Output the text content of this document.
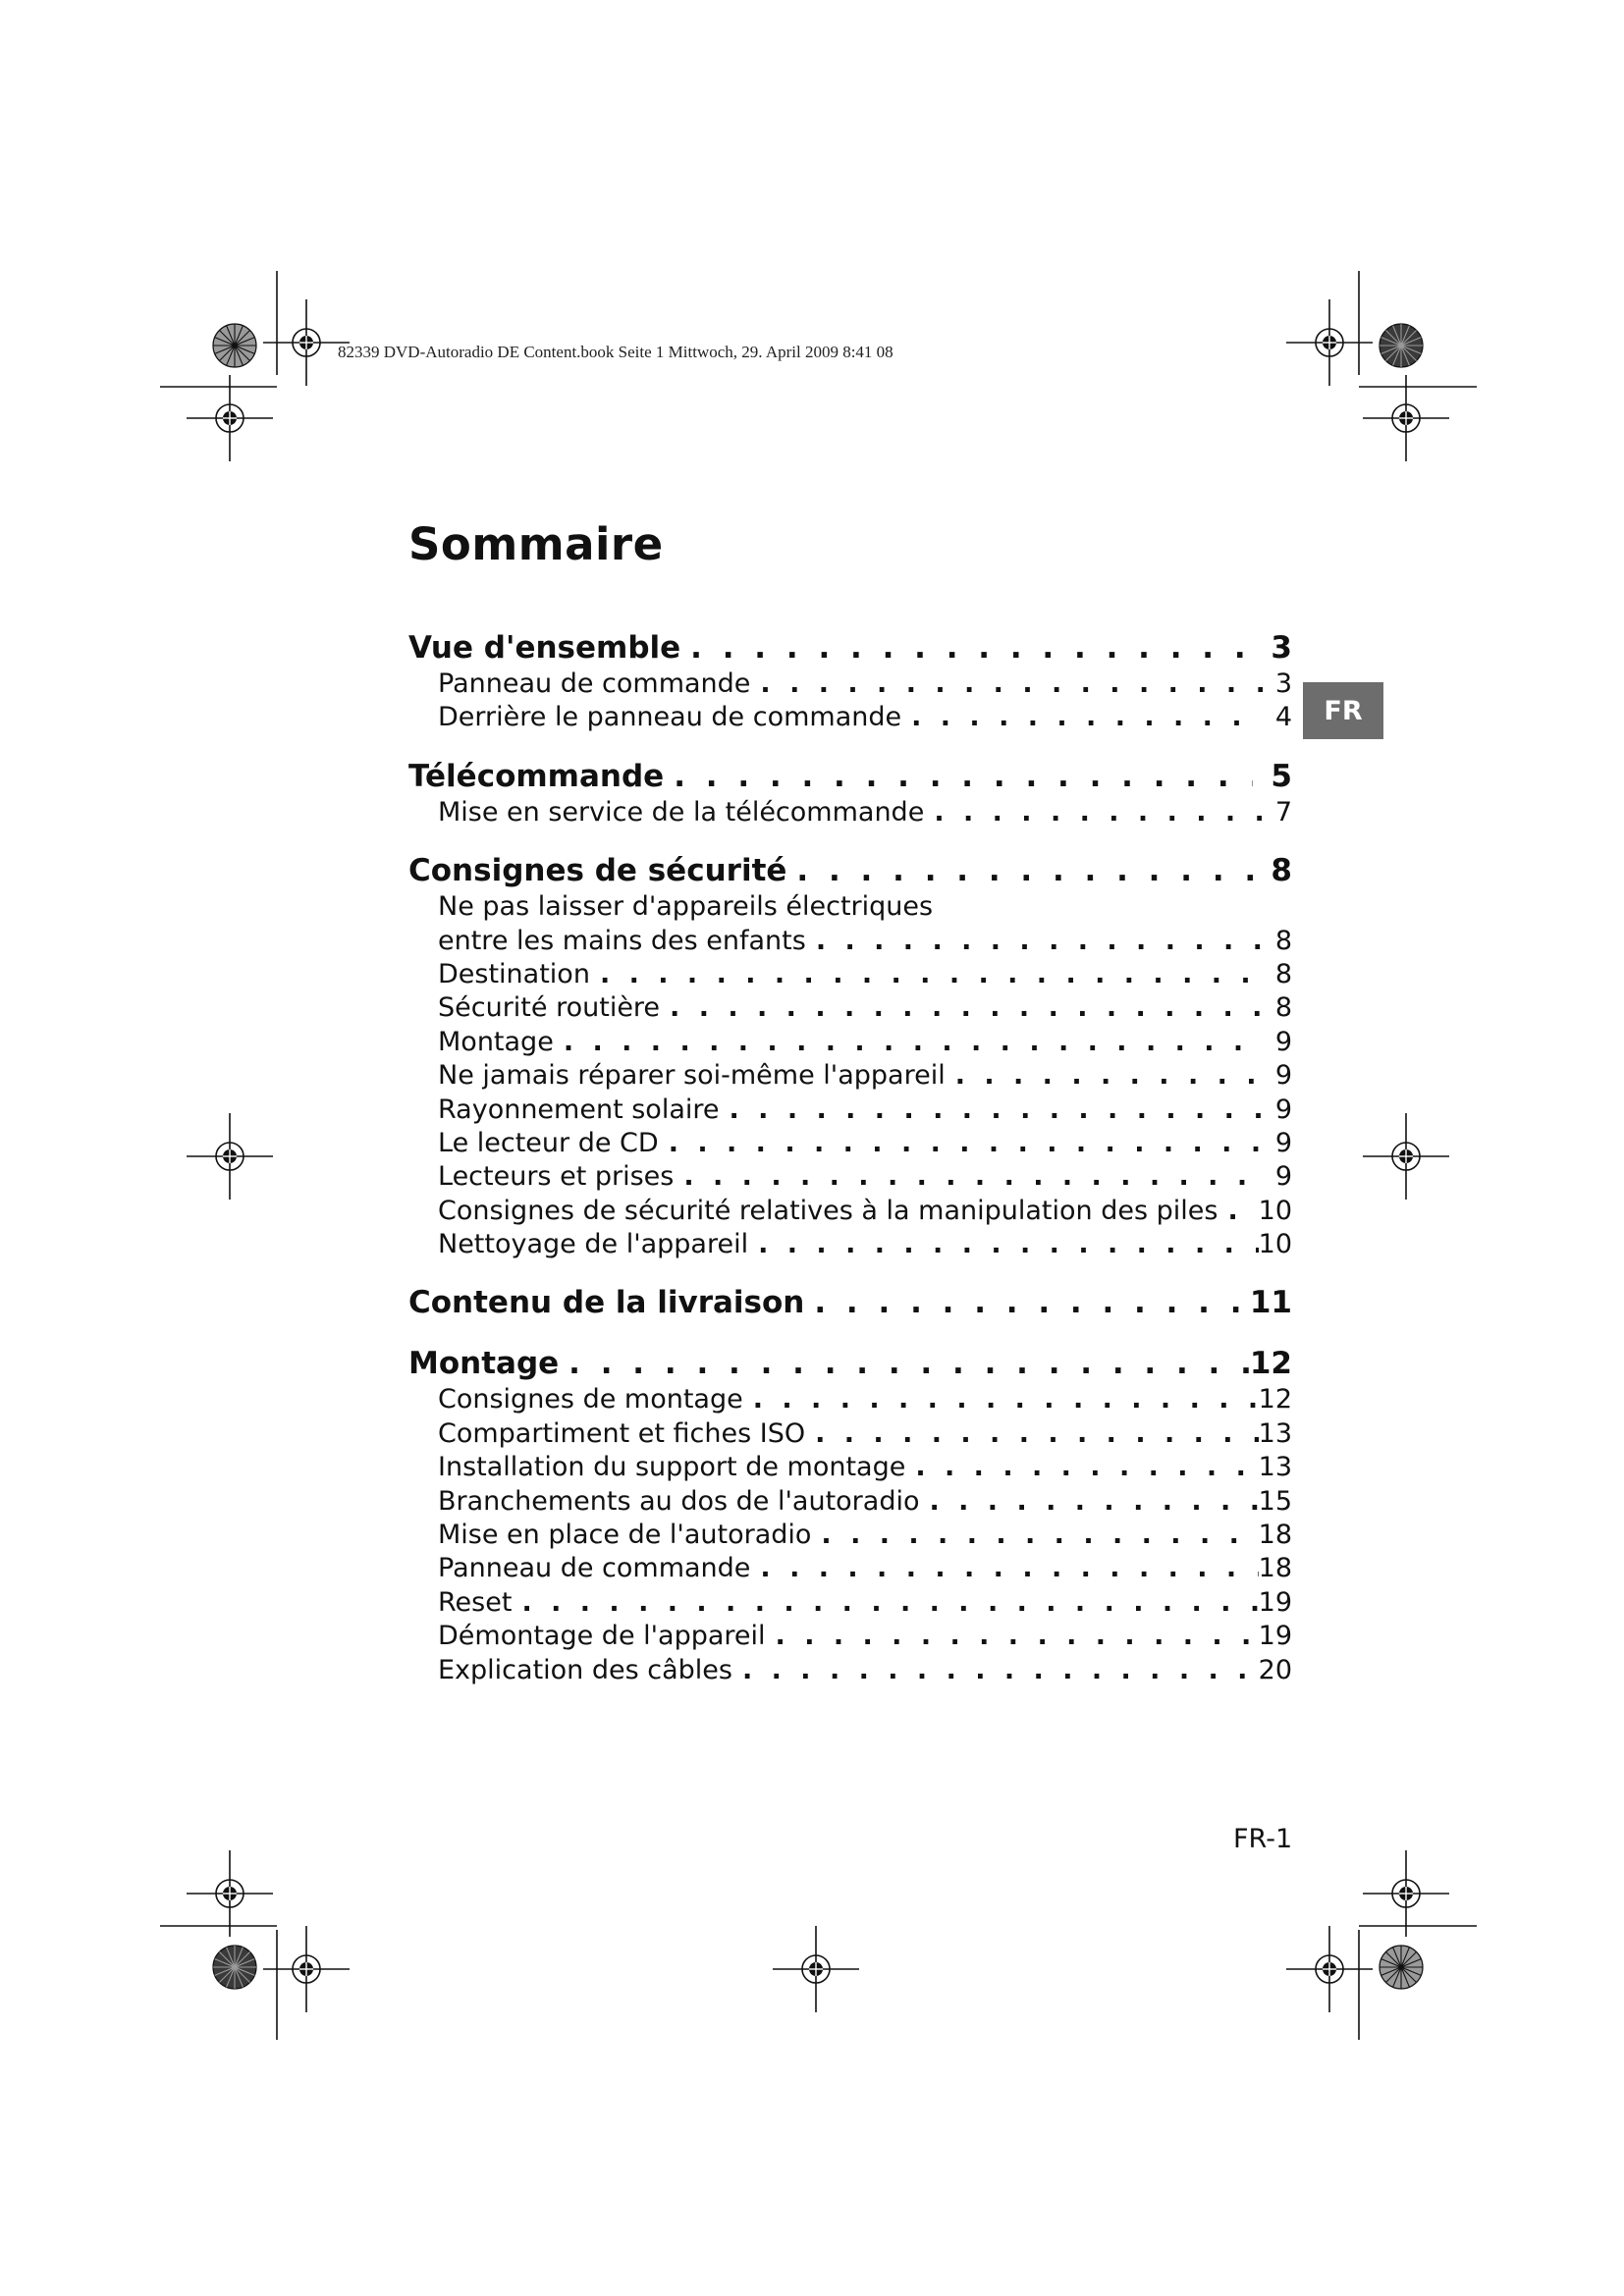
82339 DVD-Autoradio DE Content.book Seite 1 Mittwoch, 29. April 2009 8:41 08
Sommaire
FR
Vue d'ensemble . . .	3
Panneau de commande . . .	3
Derrière le panneau de commande . . .	4
Télécommande . . .	5
Mise en service de la télécommande . . .	7
Consignes de sécurité . . .	8
Ne pas laisser d'appareils électriques
entre les mains des enfants . . .	8
Destination . . .	8
Sécurité routière . . .	8
Montage . . .	9
Ne jamais réparer soi-même l'appareil . . .	9
Rayonnement solaire . . .	9
Le lecteur de CD . . .	9
Lecteurs et prises . . .	9
Consignes de sécurité relatives à la manipulation des piles . . . 10
Nettoyage de l'appareil . . .	10
Contenu de la livraison . . .	11
Montage . . .	12
Consignes de montage . . .	12
Compartiment et fiches ISO . . .	13
Installation du support de montage . . .	13
Branchements au dos de l'autoradio . . .	15
Mise en place de l'autoradio . . .	18
Panneau de commande . . .	18
Reset . . .	19
Démontage de l'appareil . . .	19
Explication des câbles . . .	20
FR-1
